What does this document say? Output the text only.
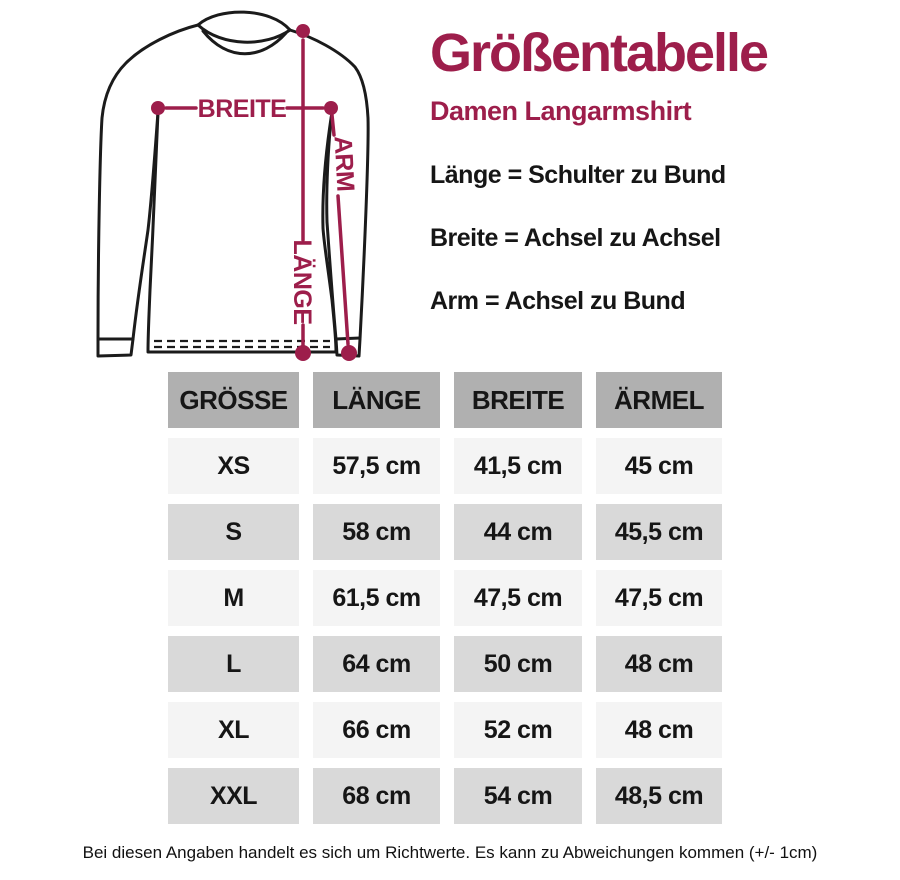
BREITE
LÄNGE
ARM
Größentabelle
Damen Langarmshirt
Länge = Schulter zu Bund
Breite = Achsel zu Achsel
Arm = Achsel zu Bund
GRÖSSE	LÄNGE	BREITE	ÄRMEL
XS	57,5 cm	41,5 cm	45 cm
S	58 cm	44 cm	45,5 cm
M	61,5 cm	47,5 cm	47,5 cm
L	64 cm	50 cm	48 cm
XL	66 cm	52 cm	48 cm
XXL	68 cm	54 cm	48,5 cm
Bei diesen Angaben handelt es sich um Richtwerte. Es kann zu Abweichungen kommen (+/- 1cm)
